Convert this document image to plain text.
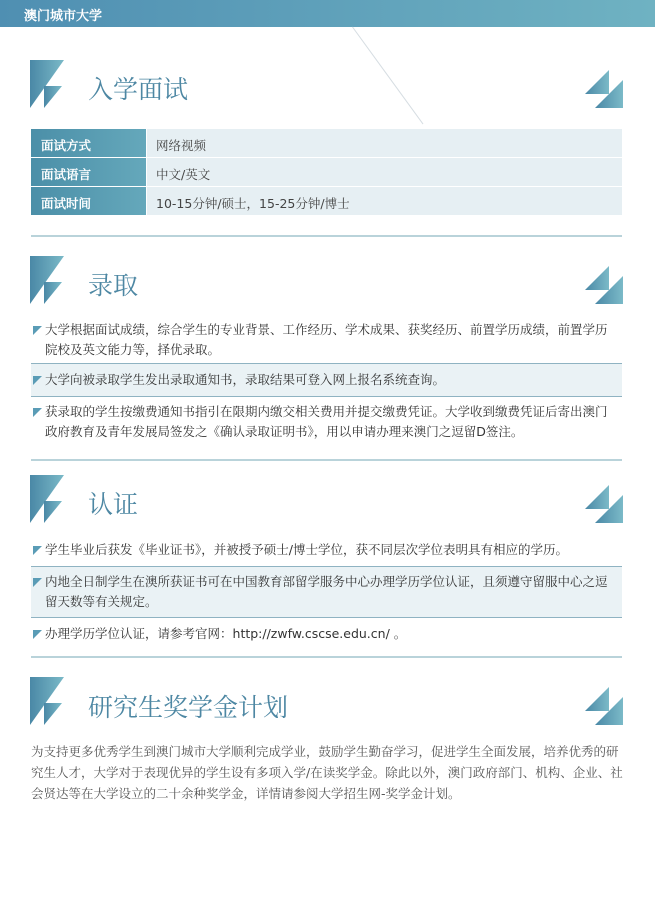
澳门城市大学
入学面试
面试方式	网络视频
面试语言	中文/英文
面试时间	10-15分钟/硕士，15-25分钟/博士
录取
大学根据面试成绩，综合学生的专业背景、工作经历、学术成果、获奖经历、前置学历成绩，前置学历院校及英文能力等，择优录取。
大学向被录取学生发出录取通知书，录取结果可登入网上报名系统查询。
获录取的学生按缴费通知书指引在限期内缴交相关费用并提交缴费凭证。大学收到缴费凭证后寄出澳门政府教育及青年发展局签发之《确认录取证明书》，用以申请办理来澳门之逗留D签注。
认证
学生毕业后获发《毕业证书》，并被授予硕士/博士学位，获不同层次学位表明具有相应的学历。
内地全日制学生在澳所获证书可在中国教育部留学服务中心办理学历学位认证，且须遵守留服中心之逗留天数等有关规定。
办理学历学位认证，请参考官网：http://zwfw.cscse.edu.cn/ 。
研究生奖学金计划
为支持更多优秀学生到澳门城市大学顺利完成学业，鼓励学生勤奋学习，促进学生全面发展，培养优秀的研究生人才，大学对于表现优异的学生设有多项入学/在读奖学金。除此以外，澳门政府部门、机构、企业、社会贤达等在大学设立的二十余种奖学金，详情请参阅大学招生网-奖学金计划。
